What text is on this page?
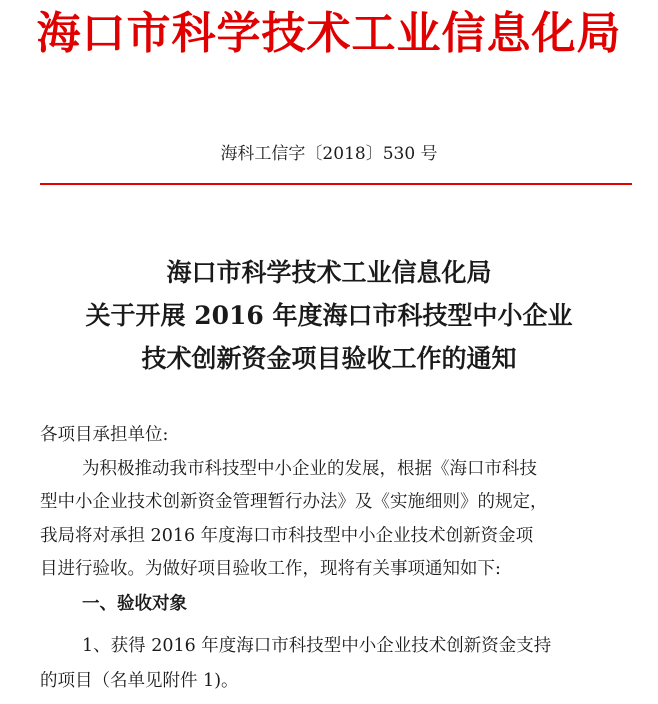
海口市科学技术工业信息化局
海科工信字〔2018〕530 号
海口市科学技术工业信息化局
关于开展 2016 年度海口市科技型中小企业
技术创新资金项目验收工作的通知
各项目承担单位:
为积极推动我市科技型中小企业的发展，根据《海口市科技
型中小企业技术创新资金管理暂行办法》及《实施细则》的规定，
我局将对承担 2016 年度海口市科技型中小企业技术创新资金项
目进行验收。为做好项目验收工作，现将有关事项通知如下:
一、验收对象
1、获得 2016 年度海口市科技型中小企业技术创新资金支持
的项目（名单见附件 1)。
